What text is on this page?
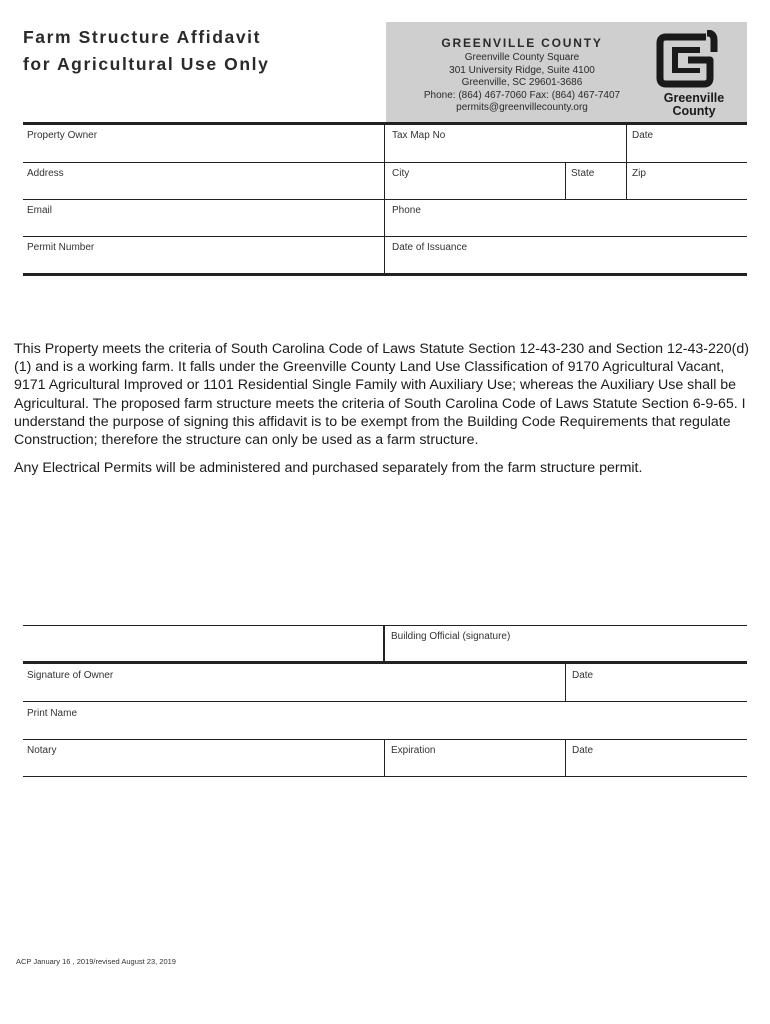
Farm Structure Affidavit
for Agricultural Use Only
GREENVILLE COUNTY
Greenville County Square
301 University Ridge, Suite 4100
Greenville, SC 29601-3686
Phone: (864) 467-7060 Fax: (864) 467-7407
permits@greenvillecounty.org
Greenville
County
Property Owner	Tax Map No	Date
Address	City	State	Zip
Email	Phone
Permit Number	Date of Issuance

This Property meets the criteria of South Carolina Code of Laws Statute Section 12-43-230 and Section 12-43-220(d)(1) and is a working farm. It falls under the Greenville County Land Use Classification of 9170 Agricultural Vacant, 9171 Agricultural Improved or 1101 Residential Single Family with Auxiliary Use; whereas the Auxiliary Use shall be Agricultural. The proposed farm structure meets the criteria of South Carolina Code of Laws Statute Section 6-9-65. I understand the purpose of signing this affidavit is to be exempt from the Building Code Requirements that regulate Construction; therefore the structure can only be used as a farm structure.

Any Electrical Permits will be administered and purchased separately from the farm structure permit.

Building Official (signature)
Signature of Owner	Date
Print Name
Notary	Expiration	Date
ACP January 16 , 2019/revised August 23, 2019
